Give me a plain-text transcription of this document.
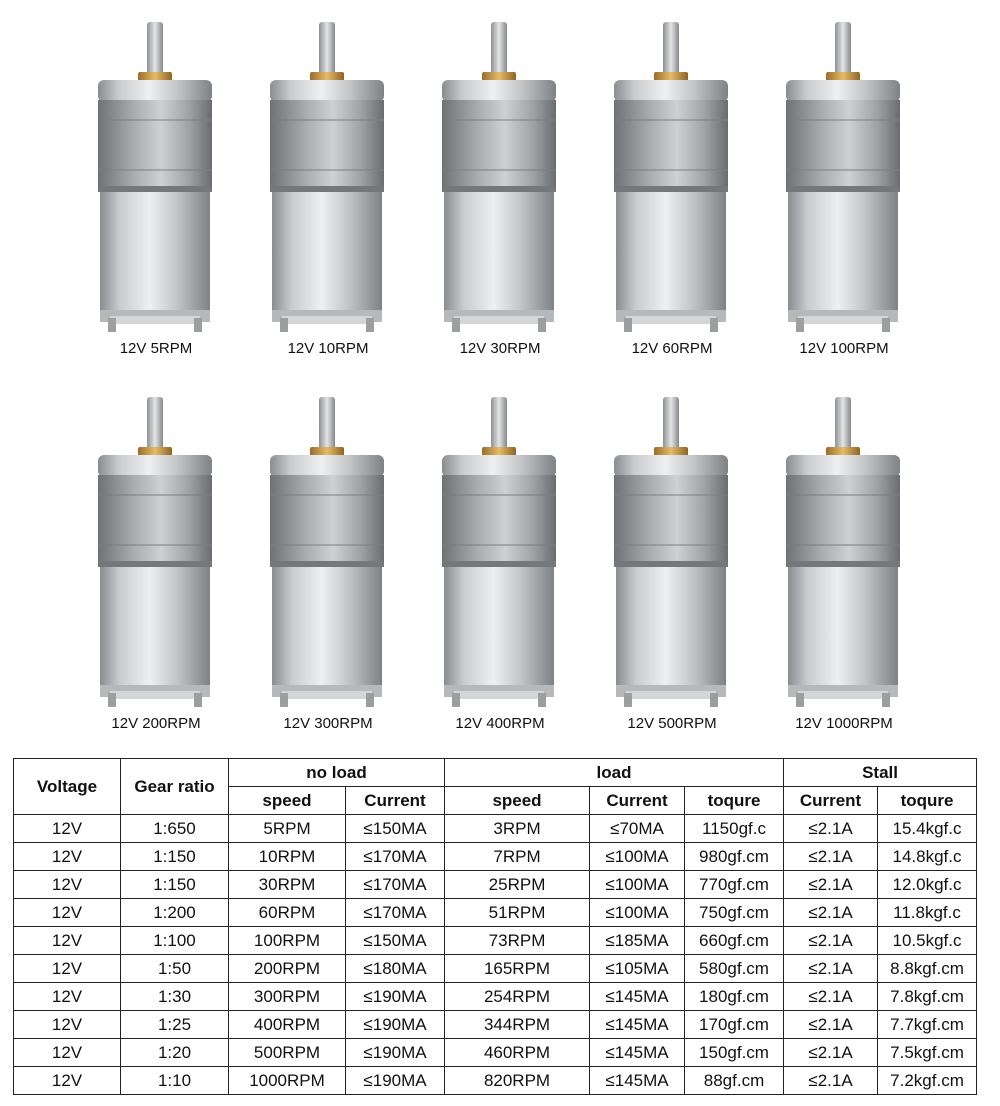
12V 5RPM	12V 10RPM	12V 30RPM	12V 60RPM	12V 100RPM
12V 200RPM	12V 300RPM	12V 400RPM	12V 500RPM	12V 1000RPM
Voltage	Gear ratio	no load		load			Stall	
		speed	Current	speed	Current	toqure	Current	toqure
12V	1:650	5RPM	≤150MA	3RPM	≤70MA	1150gf.c	≤2.1A	15.4kgf.c
12V	1:150	10RPM	≤170MA	7RPM	≤100MA	980gf.cm	≤2.1A	14.8kgf.c
12V	1:150	30RPM	≤170MA	25RPM	≤100MA	770gf.cm	≤2.1A	12.0kgf.c
12V	1:200	60RPM	≤170MA	51RPM	≤100MA	750gf.cm	≤2.1A	11.8kgf.c
12V	1:100	100RPM	≤150MA	73RPM	≤185MA	660gf.cm	≤2.1A	10.5kgf.c
12V	1:50	200RPM	≤180MA	165RPM	≤105MA	580gf.cm	≤2.1A	8.8kgf.cm
12V	1:30	300RPM	≤190MA	254RPM	≤145MA	180gf.cm	≤2.1A	7.8kgf.cm
12V	1:25	400RPM	≤190MA	344RPM	≤145MA	170gf.cm	≤2.1A	7.7kgf.cm
12V	1:20	500RPM	≤190MA	460RPM	≤145MA	150gf.cm	≤2.1A	7.5kgf.cm
12V	1:10	1000RPM	≤190MA	820RPM	≤145MA	88gf.cm	≤2.1A	7.2kgf.cm
